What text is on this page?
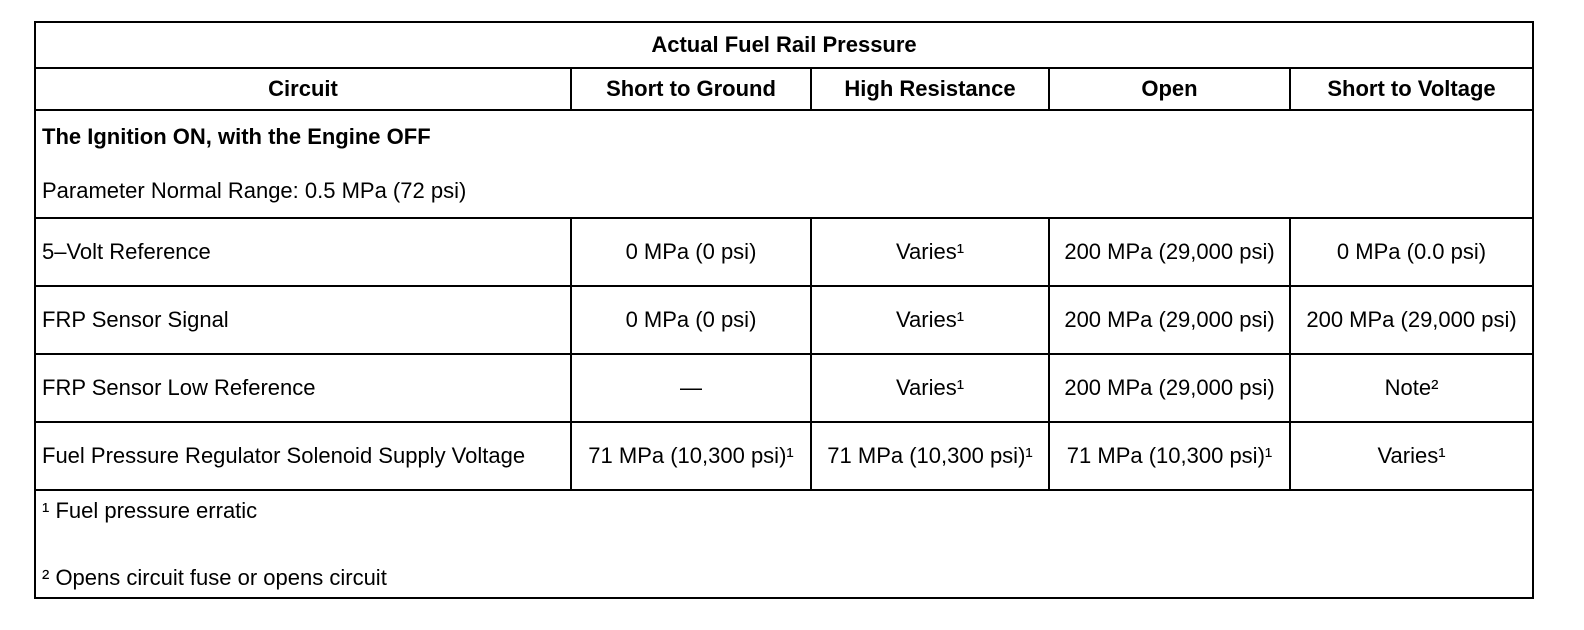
Actual Fuel Rail Pressure				
Circuit	Short to Ground	High Resistance	Open	Short to Voltage

The Ignition ON, with the Engine OFF
Parameter Normal Range: 0.5 MPa (72 psi)				

5–Volt Reference	0 MPa (0 psi)	Varies¹	200 MPa (29,000 psi)	0 MPa (0.0 psi)
FRP Sensor Signal	0 MPa (0 psi)	Varies¹	200 MPa (29,000 psi)	200 MPa (29,000 psi)
FRP Sensor Low Reference	—	Varies¹	200 MPa (29,000 psi)	Note²
Fuel Pressure Regulator Solenoid Supply Voltage	71 MPa (10,300 psi)¹	71 MPa (10,300 psi)¹	71 MPa (10,300 psi)¹	Varies¹

¹ Fuel pressure erratic
² Opens circuit fuse or opens circuit				
